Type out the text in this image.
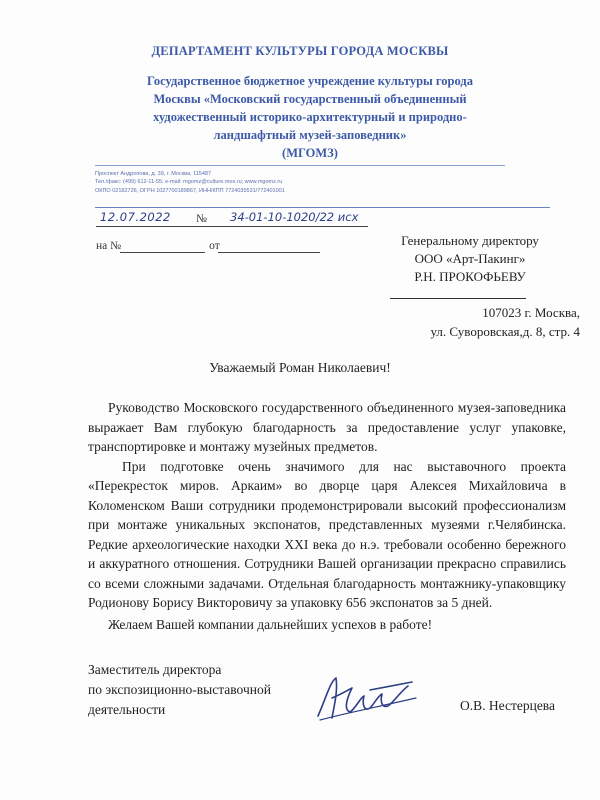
ДЕПАРТАМЕНТ КУЛЬТУРЫ ГОРОДА МОСКВЫ
Государственное бюджетное учреждение культуры города
Москвы «Московский государственный объединенный
художественный историко-архитектурный и природно-
ландшафтный музей-заповедник»
(МГОМЗ)
Проспект Андропова, д. 39, г. Москва, 115487
Тел./факс: (499) 612-11-55; e-mail: mgomz@culture.mos.ru; www.mgomz.ru
ОКПО 02182726, ОГРН 1027700189867, ИНН/КПП 7724035531/772401001
12.07.2022 № 34-01-10-1020/22 исх
на №	от	Генеральному директору
ООО «Арт-Пакинг»
Р.Н. ПРОКОФЬЕВУ
107023 г. Москва,
ул. Суворовская,д. 8, стр. 4
Уважаемый Роман Николаевич!

Руководство Московского государственного объединенного музея-заповедника выражает Вам глубокую благодарность за предоставление услуг упаковке, транспортировке и монтажу музейных предметов.

При подготовке очень значимого для нас выставочного проекта «Перекресток миров. Аркаим» во дворце царя Алексея Михайловича в Коломенском Ваши сотрудники продемонстрировали высокий профессионализм при монтаже уникальных экспонатов, представленных музеями г.Челябинска. Редкие археологические находки XXI века до н.э. требовали особенно бережного и аккуратного отношения. Сотрудники Вашей организации прекрасно справились со всеми сложными задачами. Отдельная благодарность монтажнику-упаковщику Родионову Борису Викторовичу за упаковку 656 экспонатов за 5 дней.

Желаем Вашей компании дальнейших успехов в работе!

Заместитель директора
по экспозиционно-выставочной
деятельности	О.В. Нестерцева
